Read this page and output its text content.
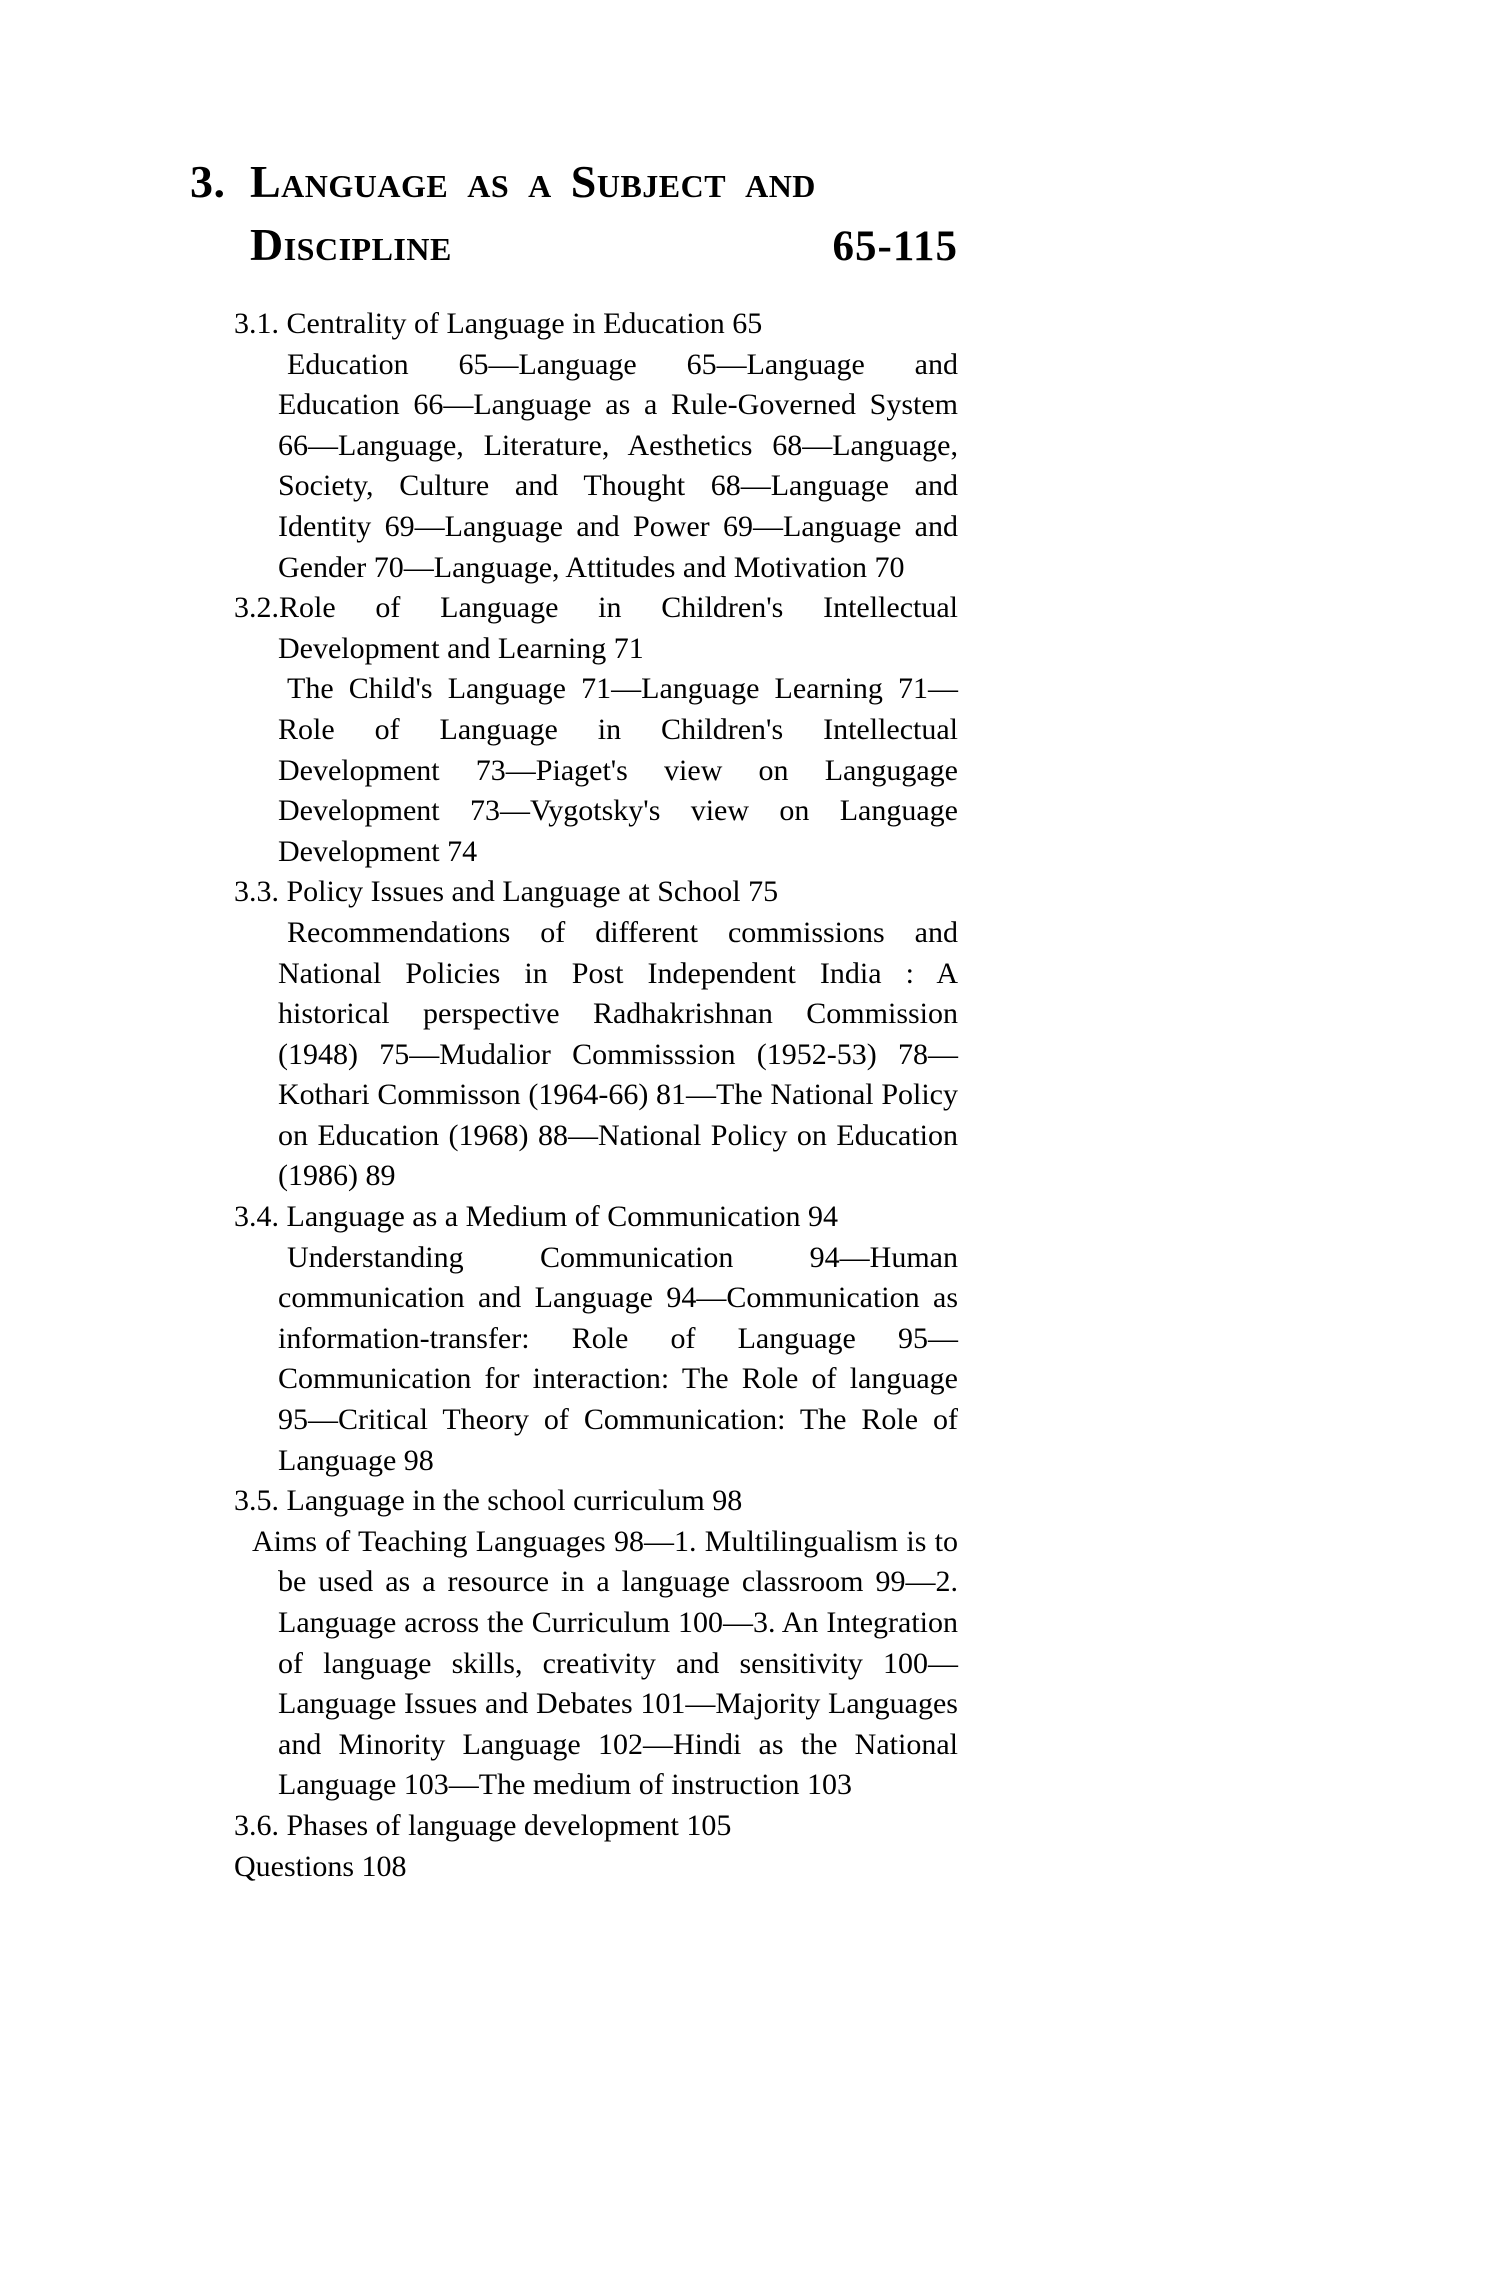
3. Language as a Subject and
Discipline	65-115

3.1. Centrality of Language in Education 65

Education 65—Language 65—Language and Education 66—Language as a Rule-Governed System 66—Language, Literature, Aesthetics 68—Language, Society, Culture and Thought 68—Language and Identity 69—Language and Power 69—Language and Gender 70—Language, Attitudes and Motivation 70

3.2.Role of Language in Children's Intellectual Development and Learning 71

The Child's Language 71—Language Learning 71—Role of Language in Children's Intellectual Development 73—Piaget's view on Langugage Development 73—Vygotsky's view on Language Development 74

3.3. Policy Issues and Language at School 75

Recommendations of different commissions and National Policies in Post Independent India : A historical perspective Radhakrishnan Commission (1948) 75—Mudalior Commisssion (1952-53) 78—Kothari Commisson (1964-66) 81—The National Policy on Education (1968) 88—National Policy on Education (1986) 89

3.4. Language as a Medium of Communication 94

Understanding Communication 94—Human communication and Language 94—Communication as information-transfer: Role of Language 95—Communication for interaction: The Role of language 95—Critical Theory of Communication: The Role of Language 98

3.5. Language in the school curriculum 98

Aims of Teaching Languages 98—1. Multilingualism is to be used as a resource in a language classroom 99—2. Language across the Curriculum 100—3. An Integration of language skills, creativity and sensitivity 100—Language Issues and Debates 101—Majority Languages and Minority Language 102—Hindi as the National Language 103—The medium of instruction 103

3.6. Phases of language development 105

Questions 108
